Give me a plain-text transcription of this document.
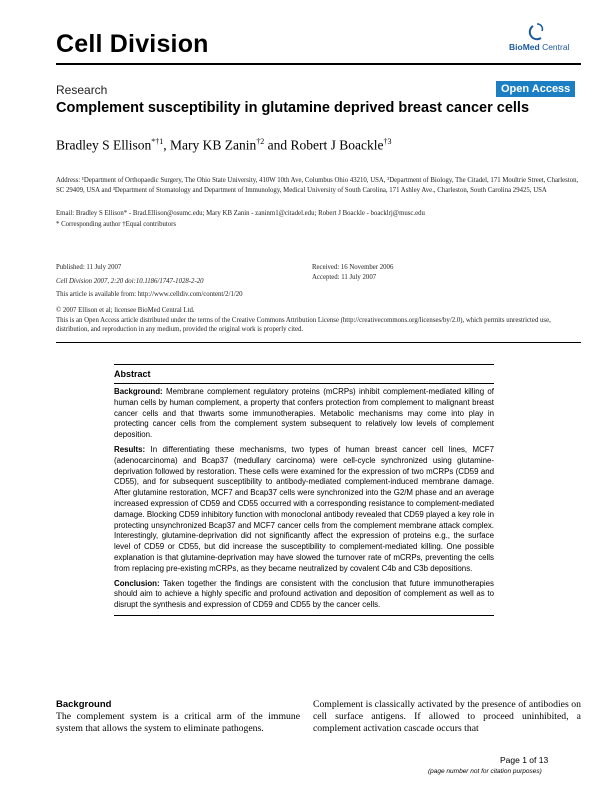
Cell Division	BioMed Central
Research	Open Access
Complement susceptibility in glutamine deprived breast cancer cells
Bradley S Ellison$^{*\dagger 1}$, Mary KB Zanin$^{\dagger 2}$ and Robert J Boackle$^{\dagger 3}$
Address: ¹Department of Orthopaedic Surgery, The Ohio State University, 410W 10th Ave, Columbus Ohio 43210, USA, ²Department of Biology, The Citadel, 171 Moultrie Street, Charleston, SC 29409, USA and ³Department of Stomatology and Department of Immunology, Medical University of South Carolina, 171 Ashley Ave., Charleston, South Carolina 29425, USA
Email: Bradley S Ellison* - Brad.Ellison@osumc.edu; Mary KB Zanin - zaninm1@citadel.edu; Robert J Boackle - boacklrj@musc.edu
* Corresponding author †Equal contributors
Published: 11 July 2007
Cell Division 2007, 2:20 doi:10.1186/1747-1028-2-20
This article is available from: http://www.celldiv.com/content/2/1/20
Received: 16 November 2006
Accepted: 11 July 2007
© 2007 Ellison et al; licensee BioMed Central Ltd.
This is an Open Access article distributed under the terms of the Creative Commons Attribution License (http://creativecommons.org/licenses/by/2.0), which permits unrestricted use, distribution, and reproduction in any medium, provided the original work is properly cited.
Abstract

Background: Membrane complement regulatory proteins (mCRPs) inhibit complement-mediated killing of human cells by human complement, a property that confers protection from complement to malignant breast cancer cells and that thwarts some immunotherapies. Metabolic mechanisms may come into play in protecting cancer cells from the complement system subsequent to relatively low levels of complement deposition.

Results: In differentiating these mechanisms, two types of human breast cancer cell lines, MCF7 (adenocarcinoma) and Bcap37 (medullary carcinoma) were cell-cycle synchronized using glutamine-deprivation followed by restoration. These cells were examined for the expression of two mCRPs (CD59 and CD55), and for subsequent susceptibility to antibody-mediated complement-induced membrane damage. After glutamine restoration, MCF7 and Bcap37 cells were synchronized into the G2/M phase and an average increased expression of CD59 and CD55 occurred with a corresponding resistance to complement-mediated damage. Blocking CD59 inhibitory function with monoclonal antibody revealed that CD59 played a key role in protecting unsynchronized Bcap37 and MCF7 cancer cells from the complement membrane attack complex. Interestingly, glutamine-deprivation did not significantly affect the expression of proteins e.g., the surface level of CD59 or CD55, but did increase the susceptibility to complement-mediated killing. One possible explanation is that glutamine-deprivation may have slowed the turnover rate of mCRPs, preventing the cells from replacing pre-existing mCRPs, as they became neutralized by covalent C4b and C3b depositions.

Conclusion: Taken together the findings are consistent with the conclusion that future immunotherapies should aim to achieve a highly specific and profound activation and deposition of complement as well as to disrupt the synthesis and expression of CD59 and CD55 by the cancer cells.

Background
The complement system is a critical arm of the immune system that allows the system to eliminate pathogens.
Complement is classically activated by the presence of antibodies on cell surface antigens. If allowed to proceed uninhibited, a complement activation cascade occurs that
Page 1 of 13
(page number not for citation purposes)
